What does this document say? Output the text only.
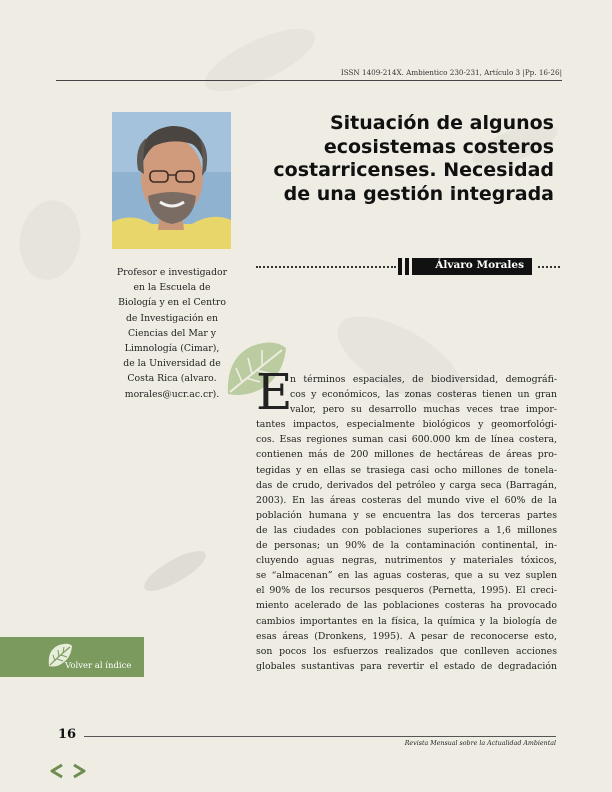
ISSN 1409-214X. Ambientico 230-231, Artículo 3 |Pp. 16-26|
Situación de algunos
ecosistemas costeros
costarricenses. Necesidad
de una gestión integrada
Álvaro Morales
Profesor e investigador
en la Escuela de
Biología y en el Centro
de Investigación en
Ciencias del Mar y
Limnología (Cimar),
de la Universidad de
Costa Rica (alvaro.
morales@ucr.ac.cr). E
n términos espaciales, de biodiversidad, demográfi-
cos y económicos, las zonas costeras tienen un gran
valor, pero su desarrollo muchas veces trae impor-
tantes impactos, especialmente biológicos y geomorfológi-
cos. Esas regiones suman casi 600.000 km de línea costera,
contienen más de 200 millones de hectáreas de áreas pro-
tegidas y en ellas se trasiega casi ocho millones de tonela-
das de crudo, derivados del petróleo y carga seca (Barragán,
2003). En las áreas costeras del mundo vive el 60% de la
población humana y se encuentra las dos terceras partes
de las ciudades con poblaciones superiores a 1,6 millones
de personas; un 90% de la contaminación continental, in-
cluyendo aguas negras, nutrimentos y materiales tóxicos,
se “almacenan” en las aguas costeras, que a su vez suplen
el 90% de los recursos pesqueros (Pernetta, 1995). El creci-
miento acelerado de las poblaciones costeras ha provocado
cambios importantes en la física, la química y la biología de
esas áreas (Dronkens, 1995). A pesar de reconocerse esto,
son pocos los esfuerzos realizados que conlleven acciones
globales sustantivas para revertir el estado de degradación
Volver al índice
16
Revista Mensual sobre la Actualidad Ambiental
